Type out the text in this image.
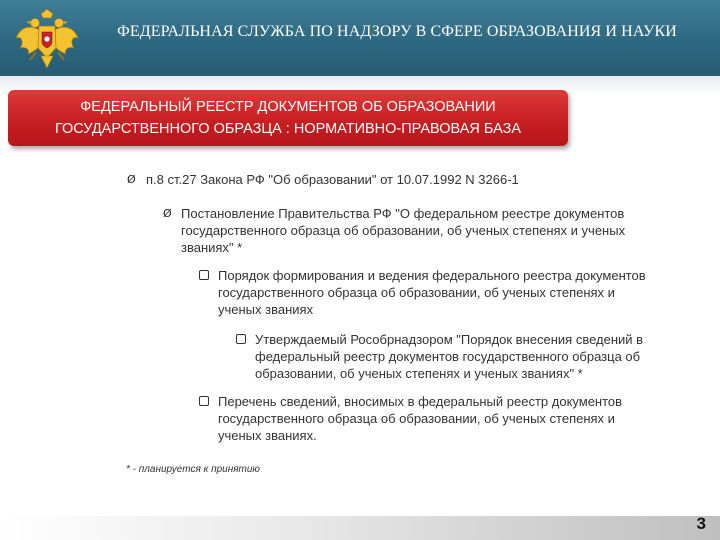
ФЕДЕРАЛЬНАЯ СЛУЖБА ПО НАДЗОРУ В СФЕРЕ ОБРАЗОВАНИЯ И НАУКИ
ФЕДЕРАЛЬНЫЙ РЕЕСТР ДОКУМЕНТОВ ОБ ОБРАЗОВАНИИ
ГОСУДАРСТВЕННОГО ОБРАЗЦА : НОРМАТИВНО-ПРАВОВАЯ БАЗА
Ø п.8 ст.27 Закона РФ "Об образовании" от 10.07.1992 N 3266-1
Ø Постановление Правительства РФ "О федеральном реестре документов
государственного образца об образовании, об ученых степенях и ученых
званиях" *
Порядок формирования и ведения федерального реестра документов
государственного образца об образовании, об ученых степенях и
ученых званиях
Утверждаемый Рособрнадзором "Порядок внесения сведений в
федеральный реестр документов государственного образца об
образовании, об ученых степенях и ученых званиях" *
Перечень сведений, вносимых в федеральный реестр документов
государственного образца об образовании, об ученых степенях и
ученых званиях.
* - планируется к принятию
3
